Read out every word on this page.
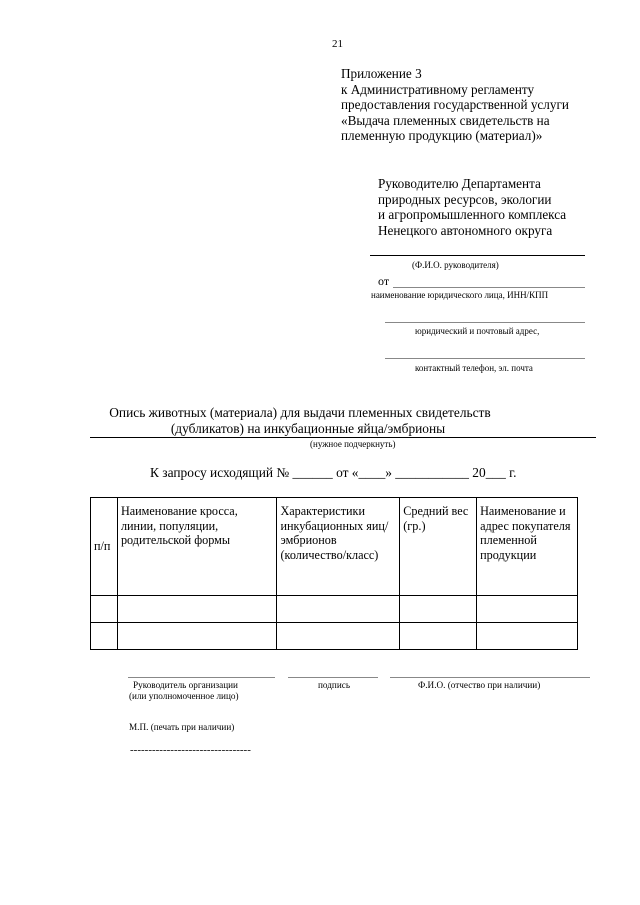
21
Приложение 3
к Административному регламенту
предоставления государственной услуги
«Выдача племенных свидетельств на
племенную продукцию (материал)»
Руководителю Департамента
природных ресурсов, экологии
и агропромышленного комплекса
Ненецкого автономного округа
(Ф.И.О. руководителя)
от
наименование юридического лица, ИНН/КПП
юридический и почтовый адрес,
контактный телефон, эл. почта
Опись животных (материала) для выдачи племенных свидетельств
(дубликатов) на инкубационные яйца/эмбрионы
(нужное подчеркнуть)
К запросу исходящий № ______ от «____» ___________ 20___ г.
п/п	Наименование кросса, линии, популяции, родительской формы	Характеристики инкубационных яиц/эмбрионов (количество/класс)	Средний вес (гр.)	Наименование и адрес покупателя племенной продукции

Руководитель организации
(или уполномоченное лицо)
подпись	Ф.И.О. (отчество при наличии)
М.П. (печать при наличии)
---------------------------------
